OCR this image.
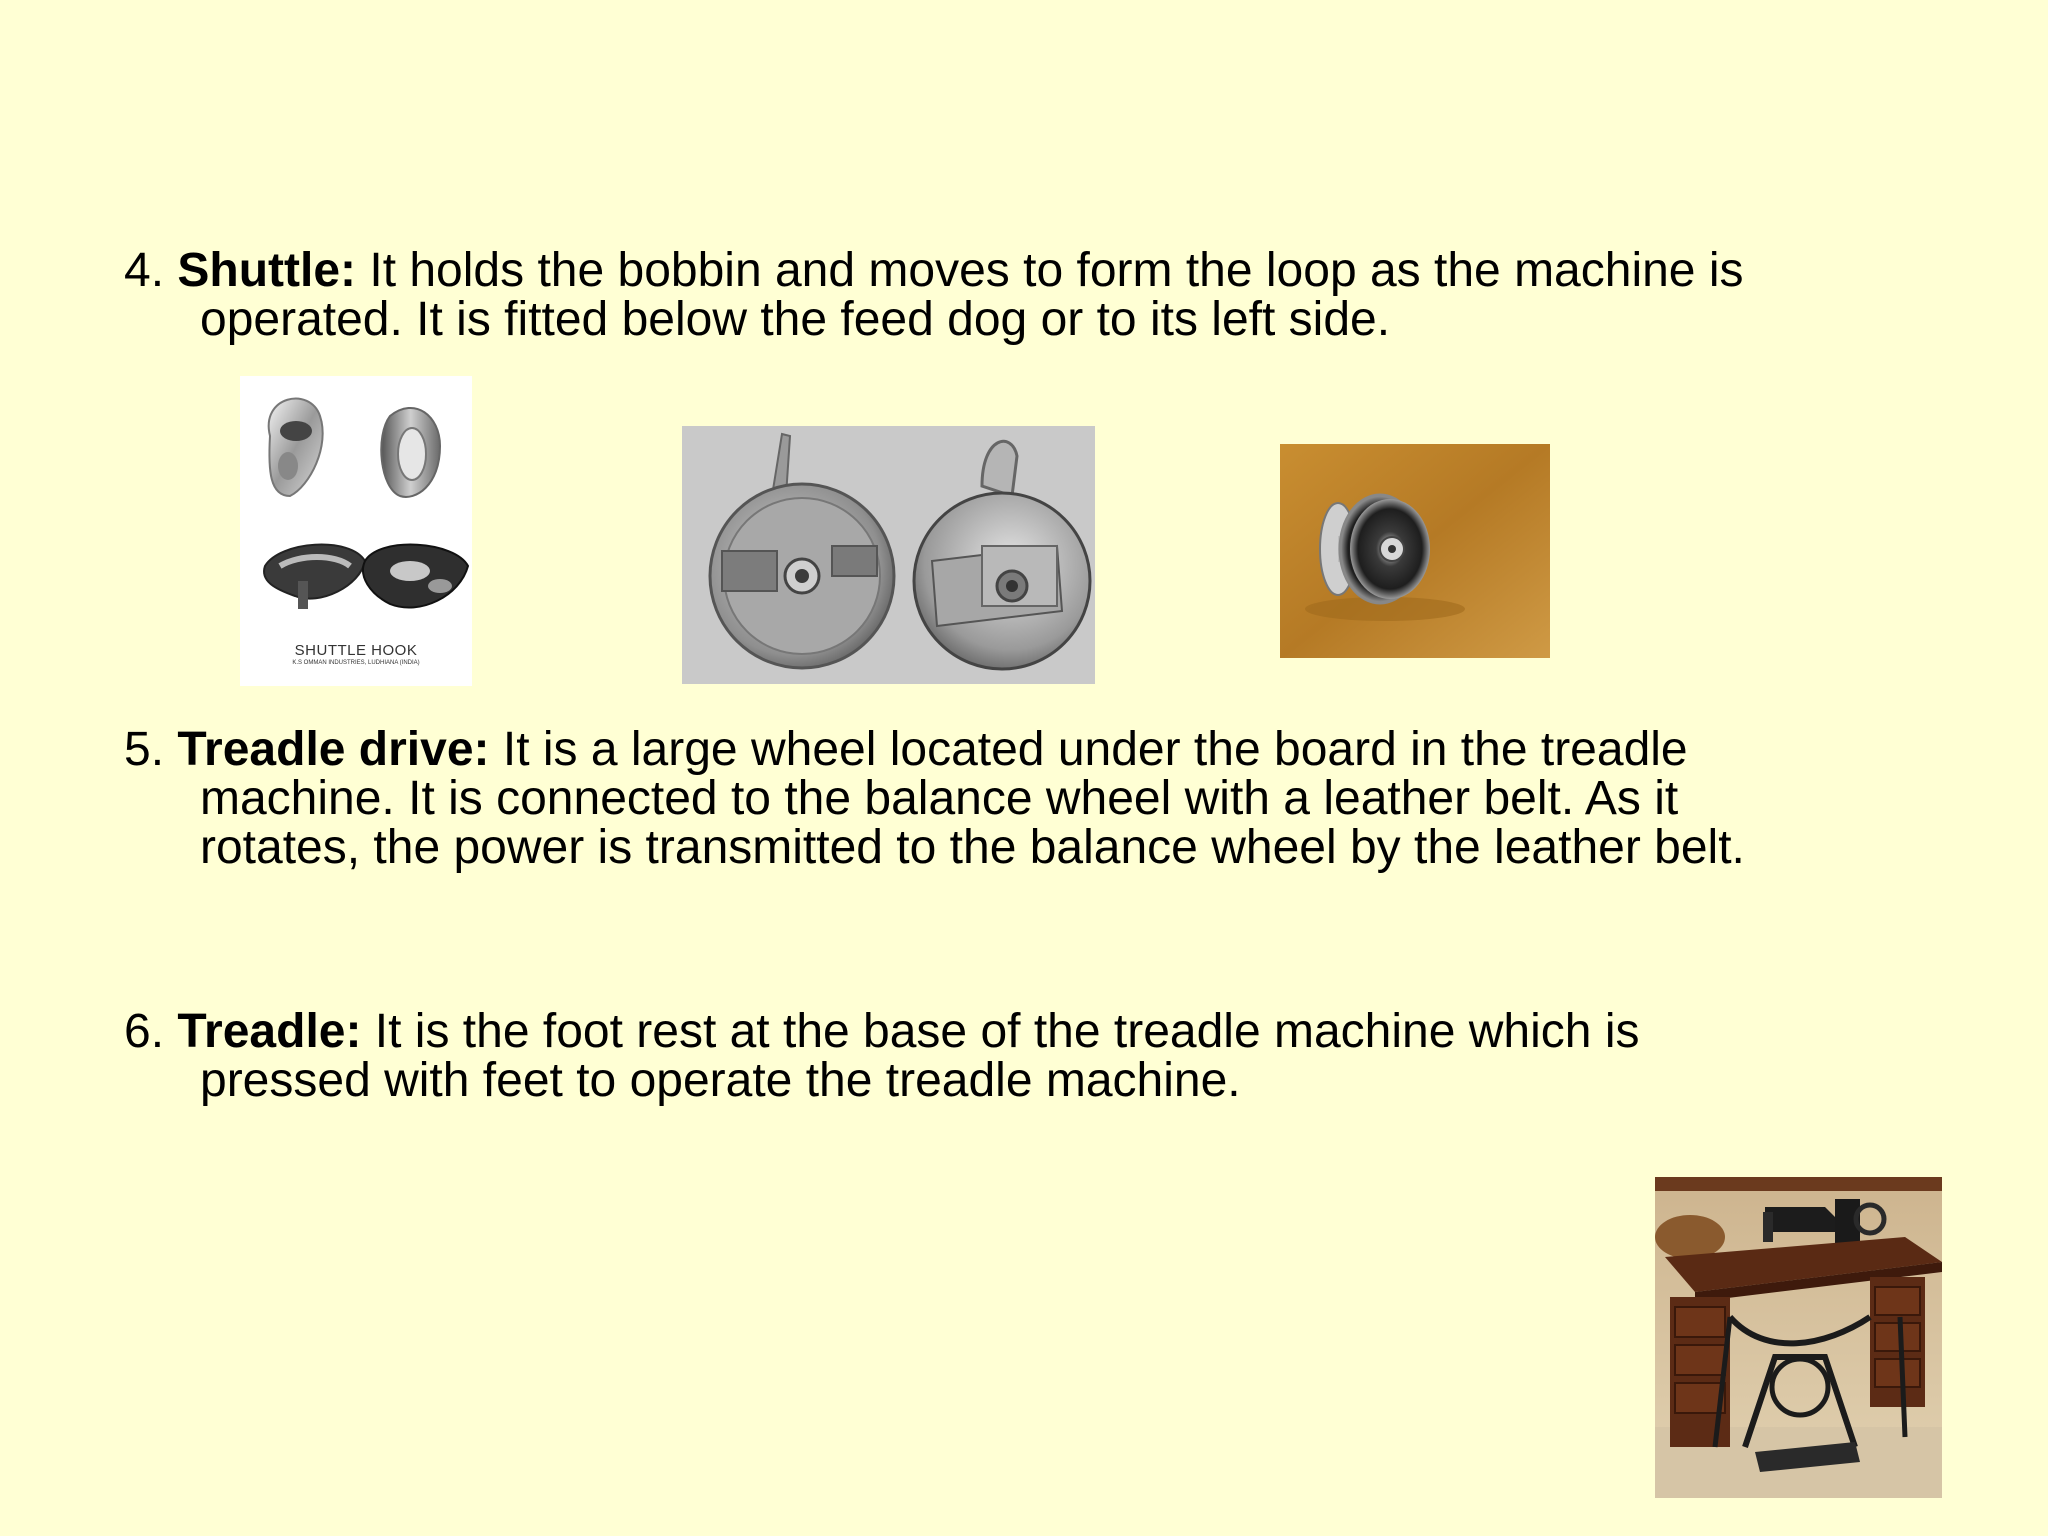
4. Shuttle: It holds the bobbin and moves to form the loop as the machine is
operated. It is fitted below the feed dog or to its left side.
SHUTTLE HOOK
K.S OMMAN INDUSTRIES, LUDHIANA (INDIA)
5. Treadle drive: It is a large wheel located under the board in the treadle
machine. It is connected to the balance wheel with a leather belt. As it
rotates, the power is transmitted to the balance wheel by the leather belt.
6. Treadle: It is the foot rest at the base of the treadle machine which is
pressed with feet to operate the treadle machine.
